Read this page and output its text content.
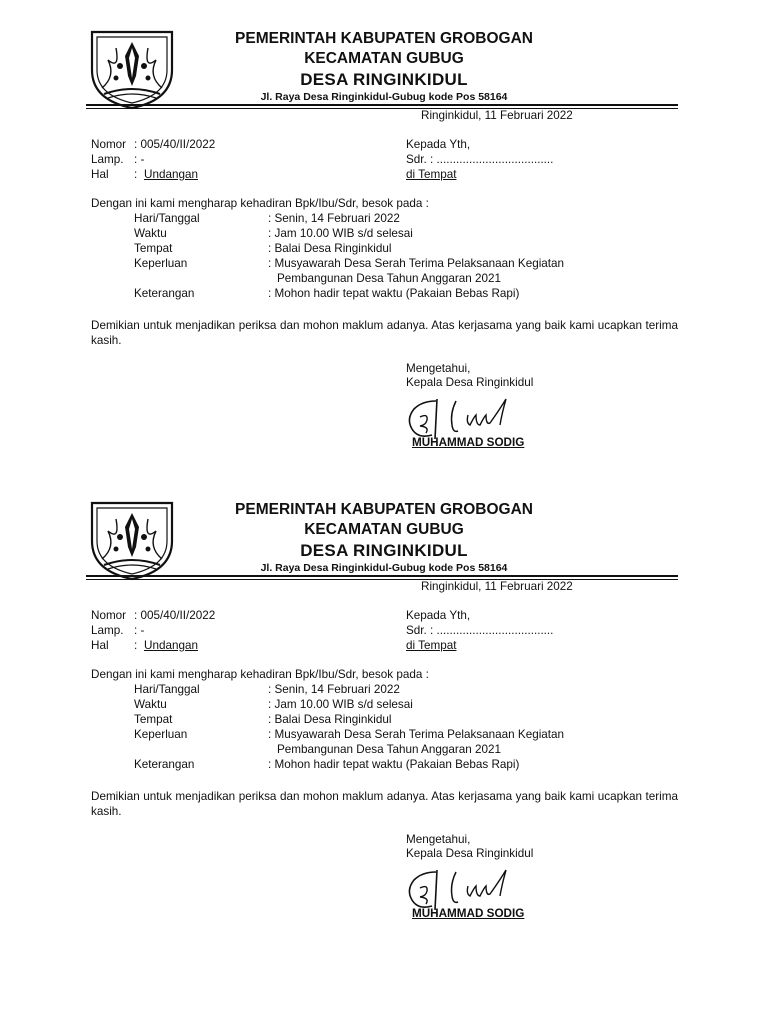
PEMERINTAH KABUPATEN GROBOGAN
KECAMATAN GUBUG
DESA RINGINKIDUL
Jl. Raya Desa Ringinkidul-Gubug kode Pos 58164
Ringinkidul, 11 Februari 2022
Nomor : 005/40/II/2022
Lamp. : -
Hal : Undangan
Kepada Yth,
Sdr. : ....................................
di Tempat
Dengan ini kami mengharap kehadiran Bpk/Ibu/Sdr, besok pada :
Hari/Tanggal	: Senin, 14 Februari 2022
Waktu	: Jam 10.00 WIB s/d selesai
Tempat	: Balai Desa Ringinkidul
Keperluan	: Musyawarah Desa Serah Terima Pelaksanaan Kegiatan
Pembangunan Desa Tahun Anggaran 2021
Keterangan	: Mohon hadir tepat waktu (Pakaian Bebas Rapi)
Demikian untuk menjadikan periksa dan mohon maklum adanya. Atas kerjasama yang baik kami ucapkan terima kasih.
Mengetahui,
Kepala Desa Ringinkidul
MUHAMMAD SODIG
PEMERINTAH KABUPATEN GROBOGAN
KECAMATAN GUBUG
DESA RINGINKIDUL
Jl. Raya Desa Ringinkidul-Gubug kode Pos 58164
Ringinkidul, 11 Februari 2022
Nomor : 005/40/II/2022
Lamp. : -
Hal : Undangan
Kepada Yth,
Sdr. : ....................................
di Tempat
Dengan ini kami mengharap kehadiran Bpk/Ibu/Sdr, besok pada :
Hari/Tanggal	: Senin, 14 Februari 2022
Waktu	: Jam 10.00 WIB s/d selesai
Tempat	: Balai Desa Ringinkidul
Keperluan	: Musyawarah Desa Serah Terima Pelaksanaan Kegiatan
Pembangunan Desa Tahun Anggaran 2021
Keterangan	: Mohon hadir tepat waktu (Pakaian Bebas Rapi)
Demikian untuk menjadikan periksa dan mohon maklum adanya. Atas kerjasama yang baik kami ucapkan terima kasih.
Mengetahui,
Kepala Desa Ringinkidul
MUHAMMAD SODIG
